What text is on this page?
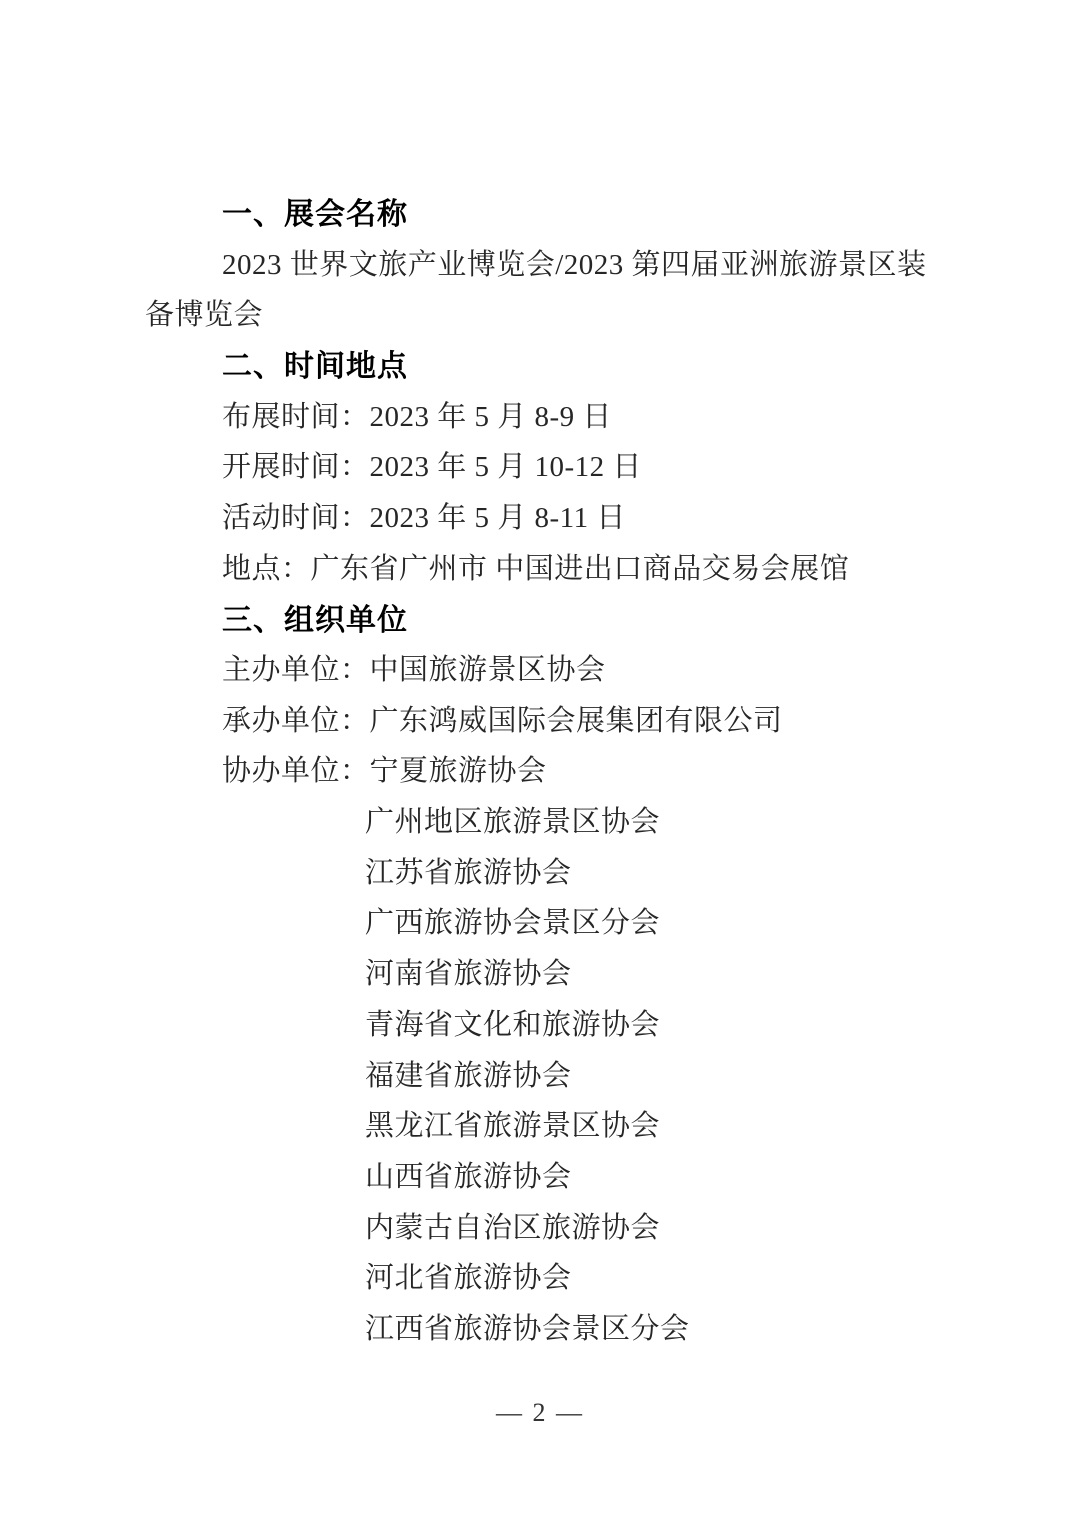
一、展会名称
2023 世界文旅产业博览会/2023 第四届亚洲旅游景区装
备博览会
二、时间地点
布展时间：2023 年 5 月 8-9 日
开展时间：2023 年 5 月 10-12 日
活动时间：2023 年 5 月 8-11 日
地点：广东省广州市 中国进出口商品交易会展馆
三、组织单位
主办单位：中国旅游景区协会
承办单位：广东鸿威国际会展集团有限公司
协办单位：宁夏旅游协会
广州地区旅游景区协会
江苏省旅游协会
广西旅游协会景区分会
河南省旅游协会
青海省文化和旅游协会
福建省旅游协会
黑龙江省旅游景区协会
山西省旅游协会
内蒙古自治区旅游协会
河北省旅游协会
江西省旅游协会景区分会
— 2 —
